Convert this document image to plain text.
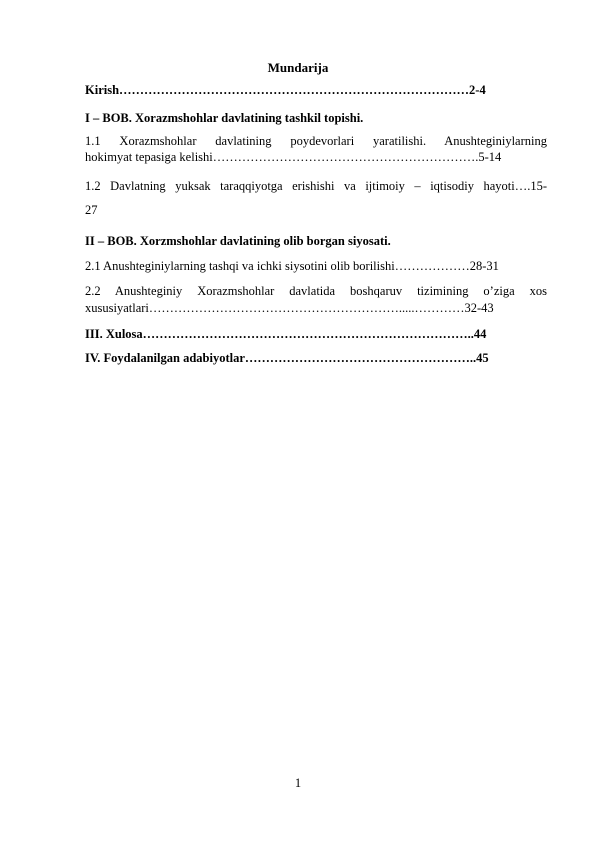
Mundarija
Kirish…………………………………………………………………………2-4
I – BOB. Xorazmshohlar davlatining tashkil topishi.
1.1 Xorazmshohlar davlatining poydevorlari yaratilishi. Anushteginiylarning
hokimyat tepasiga kelishi……………………………………………………….5-14
1.2 Davlatning yuksak taraqqiyotga erishishi va ijtimoiy – iqtisodiy hayoti….15-
27
II – BOB. Xorzmshohlar davlatining olib borgan siyosati.
2.1 Anushteginiylarning tashqi va ichki siysotini olib borilishi………………28-31
2.2 Anushteginiy Xorazmshohlar davlatida boshqaruv tizimining o’ziga xos
xususiyatlari…………………………………………………….....…………32-43
III. Xulosa……………………………………………………………………..44
IV. Foydalanilgan adabiyotlar………………………………………………..45
1
